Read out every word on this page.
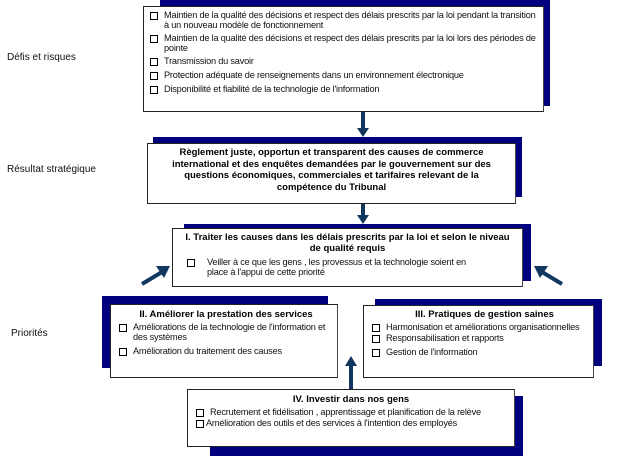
Défis et risques
Résultat stratégique
Priorités
Maintien de la qualité des décisions et respect des délais prescrits par la loi pendant la transition à un nouveau modèle de fonctionnement
Maintien de la qualité des décisions et respect des délais prescrits par la loi lors des périodes de pointe
Transmission du savoir
Protection adéquate de renseignements dans un environnement électronique
Disponibilité et fiabilité de la technologie de l'information
Règlement juste, opportun et transparent des causes de commerce international et des enquêtes demandées par le gouvernement sur des questions économiques, commerciales et tarifaires relevant de la compétence du Tribunal
I. Traiter les causes dans les délais prescrits par la loi et selon le niveau de qualité requis
Veiller à ce que les gens , les provessus et la technologie soient en place à l'appui de cette priorité
II. Améliorer la prestation des services
Améliorations de la technologie de l'information et des systèmes
Amélioration du traitement des causes
III. Pratiques de gestion saines
Harmonisation et améliorations organisationnelles
Responsabilisation et rapports
Gestion de l'information
IV. Investir dans nos gens
Recrutement et fidélisation , apprentissage et planification de la relève
Amélioration des outils et des services à l'intention des employés
